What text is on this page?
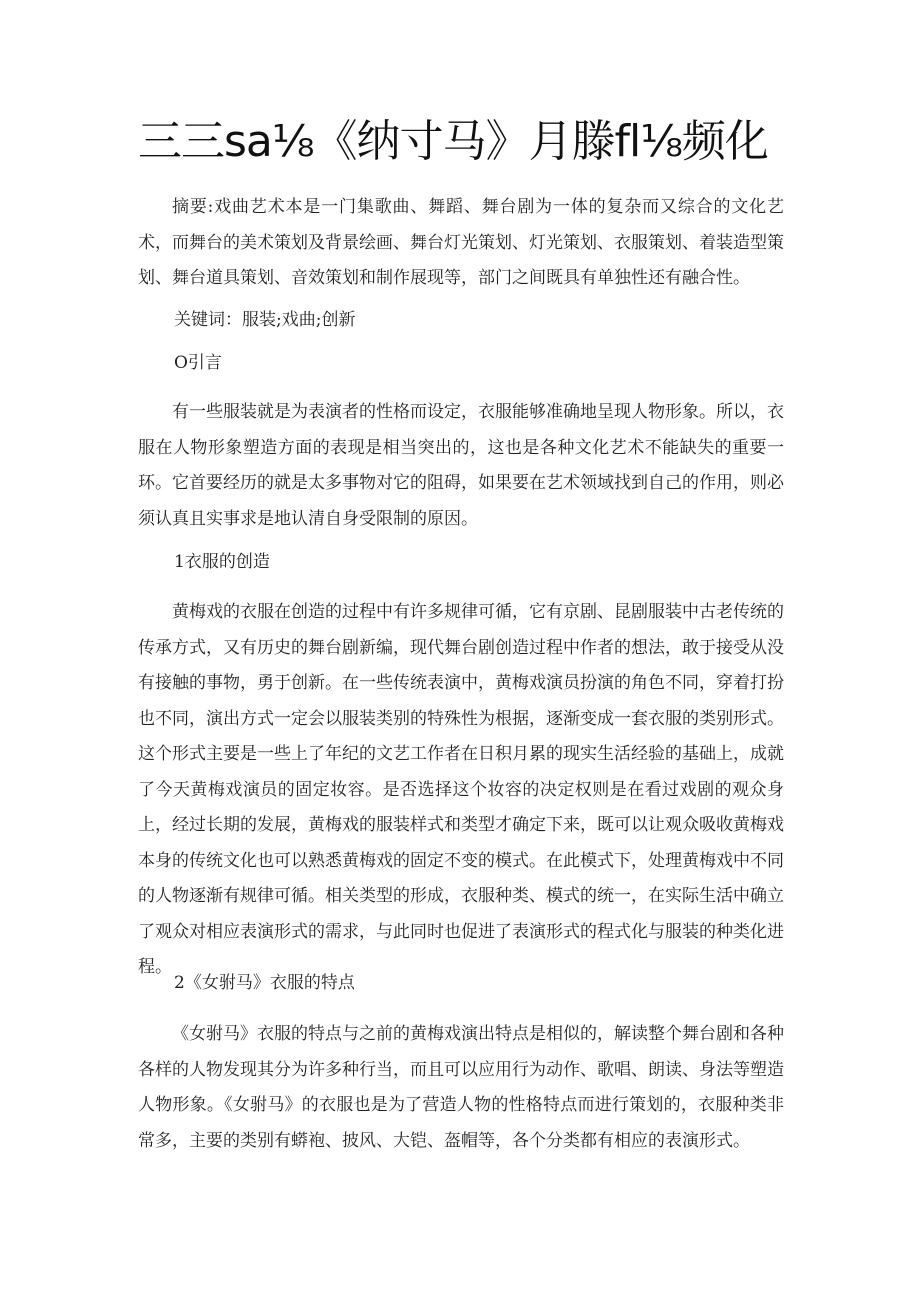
三三sa⅛《纳寸马》月滕fl⅛频化

摘要:戏曲艺术本是一门集歌曲、舞蹈、舞台剧为一体的复杂而又综合的文化艺术，而舞台的美术策划及背景绘画、舞台灯光策划、灯光策划、衣服策划、着装造型策划、舞台道具策划、音效策划和制作展现等，部门之间既具有单独性还有融合性。

关键词：服装;戏曲;创新
O引言

有一些服装就是为表演者的性格而设定，衣服能够准确地呈现人物形象。所以，衣服在人物形象塑造方面的表现是相当突出的，这也是各种文化艺术不能缺失的重要一环。它首要经历的就是太多事物对它的阻碍，如果要在艺术领域找到自己的作用，则必须认真且实事求是地认清自身受限制的原因。

1衣服的创造

黄梅戏的衣服在创造的过程中有许多规律可循，它有京剧、昆剧服装中古老传统的传承方式，又有历史的舞台剧新编，现代舞台剧创造过程中作者的想法，敢于接受从没有接触的事物，勇于创新。在一些传统表演中，黄梅戏演员扮演的角色不同，穿着打扮也不同，演出方式一定会以服装类别的特殊性为根据，逐渐变成一套衣服的类别形式。这个形式主要是一些上了年纪的文艺工作者在日积月累的现实生活经验的基础上，成就了今天黄梅戏演员的固定妆容。是否选择这个妆容的决定权则是在看过戏剧的观众身上，经过长期的发展，黄梅戏的服装样式和类型才确定下来，既可以让观众吸收黄梅戏本身的传统文化也可以熟悉黄梅戏的固定不变的模式。在此模式下，处理黄梅戏中不同的人物逐渐有规律可循。相关类型的形成，衣服种类、模式的统一，在实际生活中确立了观众对相应表演形式的需求，与此同时也促进了表演形式的程式化与服装的种类化进程。

2《女驸马》衣服的特点

《女驸马》衣服的特点与之前的黄梅戏演出特点是相似的，解读整个舞台剧和各种各样的人物发现其分为许多种行当，而且可以应用行为动作、歌唱、朗读、身法等塑造人物形象。《女驸马》的衣服也是为了营造人物的性格特点而进行策划的，衣服种类非常多，主要的类别有蟒袍、披风、大铠、盔帽等，各个分类都有相应的表演形式。
